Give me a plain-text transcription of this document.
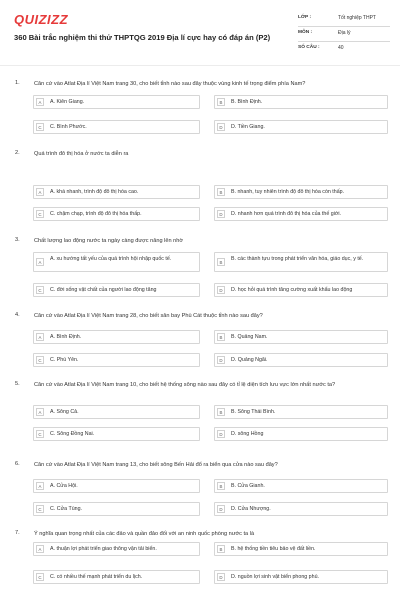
QUIZIZZ
360 Bài trắc nghiệm thi thử THPTQG 2019 Địa lí cực hay có đáp án (P2)
LỚP :	Tốt nghiệp THPT
MÔN :	Địa lý
SỐ CÂU :	40
1.	Căn cứ vào Atlat Địa lí Việt Nam trang 30, cho biết tỉnh nào sau đây thuộc vùng kinh tế trọng điểm phía Nam?
A	A. Kiên Giang.	B	B. Bình Định.
C	C. Bình Phước.	D	D. Tiền Giang.
2.	Quá trình đô thị hóa ở nước ta diễn ra
A	A. khá nhanh, trình độ đô thị hóa cao.	B	B. nhanh, tuy nhiên trình độ đô thị hóa còn thấp.
C	C. chậm chạp, trình độ đô thị hóa thấp.	D	D. nhanh hơn quá trình đô thị hóa của thế giới.
3.	Chất lượng lao động nước ta ngày càng được nâng lên nhờ
A
A. xu hướng tất yếu của quá trình hội nhập quốc tế.
B
B. các thành tựu trong phát triển văn hóa, giáo dục, y tế.
C	C. đời sống vật chất của người lao động tăng	D	D. học hỏi quá trình tăng cường xuất khẩu lao động
4.	Căn cứ vào Atlat Địa lí Việt Nam trang 28, cho biết sân bay Phù Cát thuộc tỉnh nào sau đây?
A	A. Bình Định.	B	B. Quảng Nam.
C	C. Phú Yên.	D	D. Quảng Ngãi.
5.	Căn cứ vào Atlat Địa lí Việt Nam trang 10, cho biết hệ thống sông nào sau đây có tỉ lệ diện tích lưu vực lớn nhất nước ta?
A	A. Sông Cả.	B	B. Sông Thái Bình.
C	C. Sông Đồng Nai.	D	D. sông Hồng
6.	Căn cứ vào Atlat Địa lí Việt Nam trang 13, cho biết sông Bến Hải đổ ra biển qua cửa nào sau đây?
A	A. Cửa Hội.	B	B. Cửa Gianh.
C	C. Cửa Tùng.	D	D. Cửa Nhượng.
7.	Ý nghĩa quan trọng nhất của các đảo và quần đảo đối với an ninh quốc phòng nước ta là
A	A. thuận lợi phát triển giao thông vận tải biển.	B	B. hệ thống tiền tiêu bảo vệ đất liền.
C	C. có nhiều thế mạnh phát triển du lịch.	D	D. nguồn lợi sinh vật biển phong phú.
